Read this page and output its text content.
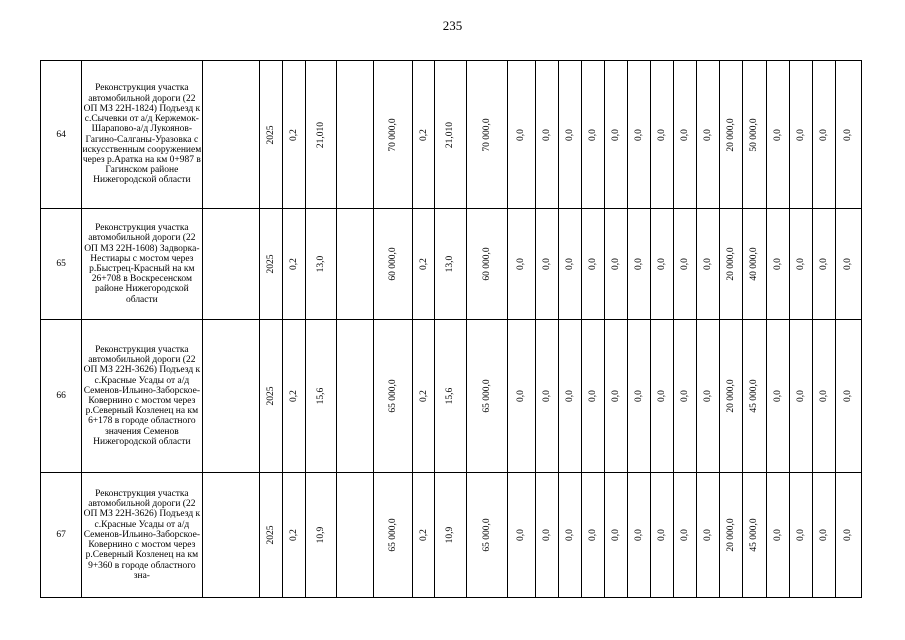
235
64	Реконструкция участка автомобильной дороги (22 ОП МЗ 22Н-1824) Подъезд к с.Сычевки от а/д Кержемок-Шарапово-а/д Лукоянов-Гагино-Салганы-Уразовка с искусственным сооружением через р.Аратка на км 0+987 в Гагинском районе Нижегородской области		2025	0,2	21,010		70 000,0	0,2	21,010	70 000,0	0,0	0,0	0,0	0,0	0,0	0,0	0,0	0,0	0,0	20 000,0	50 000,0	0,0	0,0	0,0	0,0

65	Реконструкция участка автомобильной дороги (22 ОП МЗ 22Н-1608) Задворка-Нестиары с мостом через р.Быстрец-Красный на км 26+708 в Воскресенском районе Нижегородской области		2025	0,2	13,0		60 000,0	0,2	13,0	60 000,0	0,0	0,0	0,0	0,0	0,0	0,0	0,0	0,0	0,0	20 000,0	40 000,0	0,0	0,0	0,0	0,0

66	Реконструкция участка автомобильной дороги (22 ОП МЗ 22Н-3626) Подъезд к с.Красные Усады от а/д Семенов-Ильино-Заборское-Ковернино с мостом через р.Северный Козленец на км 6+178 в городе областного значения Семенов Нижегородской области		2025	0,2	15,6		65 000,0	0,2	15,6	65 000,0	0,0	0,0	0,0	0,0	0,0	0,0	0,0	0,0	0,0	20 000,0	45 000,0	0,0	0,0	0,0	0,0

67	Реконструкция участка автомобильной дороги (22 ОП МЗ 22Н-3626) Подъезд к с.Красные Усады от а/д Семенов-Ильино-Заборское-Ковернино с мостом через р.Северный Козленец на км 9+360 в городе областного зна-		2025	0,2	10,9		65 000,0	0,2	10,9	65 000,0	0,0	0,0	0,0	0,0	0,0	0,0	0,0	0,0	0,0	20 000,0	45 000,0	0,0	0,0	0,0	0,0
